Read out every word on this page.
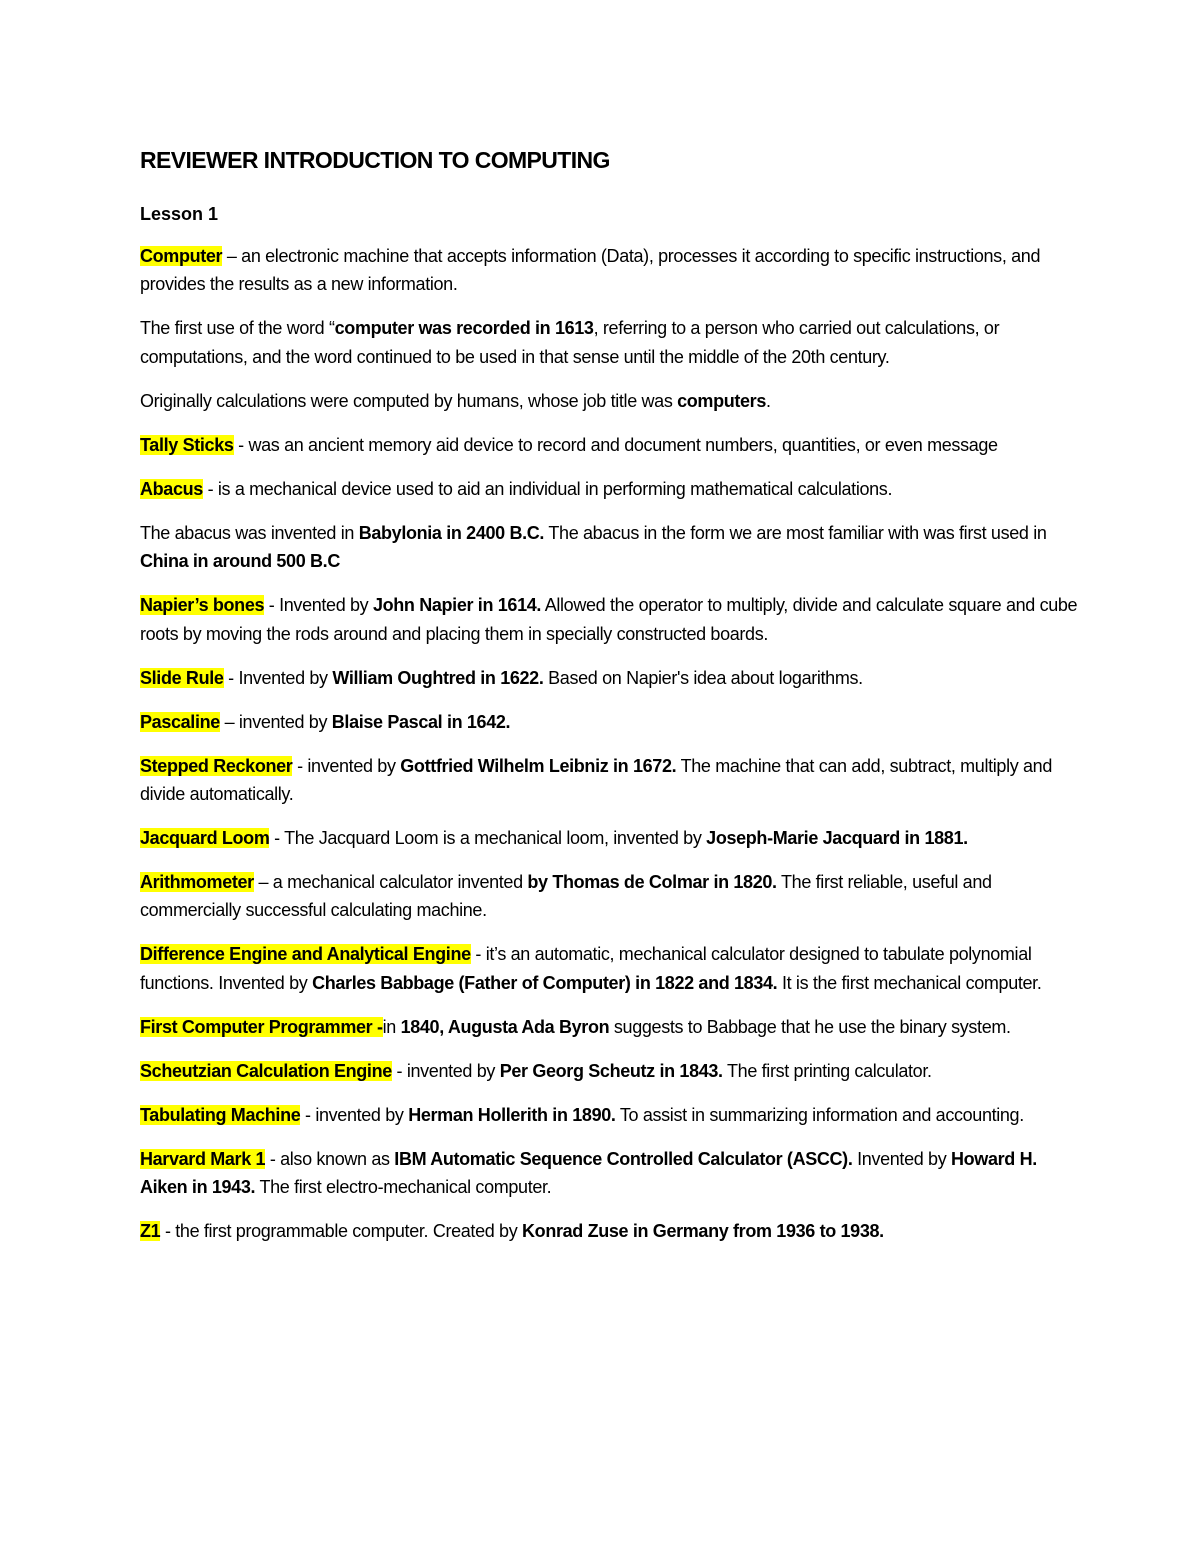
REVIEWER INTRODUCTION TO COMPUTING
Lesson 1
Computer – an electronic machine that accepts information (Data), processes it according to specific instructions, and provides the results as a new information.
The first use of the word “computer was recorded in 1613, referring to a person who carried out calculations, or computations, and the word continued to be used in that sense until the middle of the 20th century.
Originally calculations were computed by humans, whose job title was computers.
Tally Sticks - was an ancient memory aid device to record and document numbers, quantities, or even message
Abacus - is a mechanical device used to aid an individual in performing mathematical calculations.
The abacus was invented in Babylonia in 2400 B.C. The abacus in the form we are most familiar with was first used in China in around 500 B.C
Napier’s bones - Invented by John Napier in 1614. Allowed the operator to multiply, divide and calculate square and cube roots by moving the rods around and placing them in specially constructed boards.
Slide Rule - Invented by William Oughtred in 1622. Based on Napier's idea about logarithms.
Pascaline – invented by Blaise Pascal in 1642.
Stepped Reckoner - invented by Gottfried Wilhelm Leibniz in 1672. The machine that can add, subtract, multiply and divide automatically.
Jacquard Loom - The Jacquard Loom is a mechanical loom, invented by Joseph-Marie Jacquard in 1881.
Arithmometer – a mechanical calculator invented by Thomas de Colmar in 1820. The first reliable, useful and commercially successful calculating machine.
Difference Engine and Analytical Engine - it’s an automatic, mechanical calculator designed to tabulate polynomial functions. Invented by Charles Babbage (Father of Computer) in 1822 and 1834. It is the first mechanical computer.
First Computer Programmer -in 1840, Augusta Ada Byron suggests to Babbage that he use the binary system.
Scheutzian Calculation Engine - invented by Per Georg Scheutz in 1843. The first printing calculator.
Tabulating Machine - invented by Herman Hollerith in 1890. To assist in summarizing information and accounting.
Harvard Mark 1 - also known as IBM Automatic Sequence Controlled Calculator (ASCC). Invented by Howard H. Aiken in 1943. The first electro-mechanical computer.
Z1 - the first programmable computer. Created by Konrad Zuse in Germany from 1936 to 1938.
